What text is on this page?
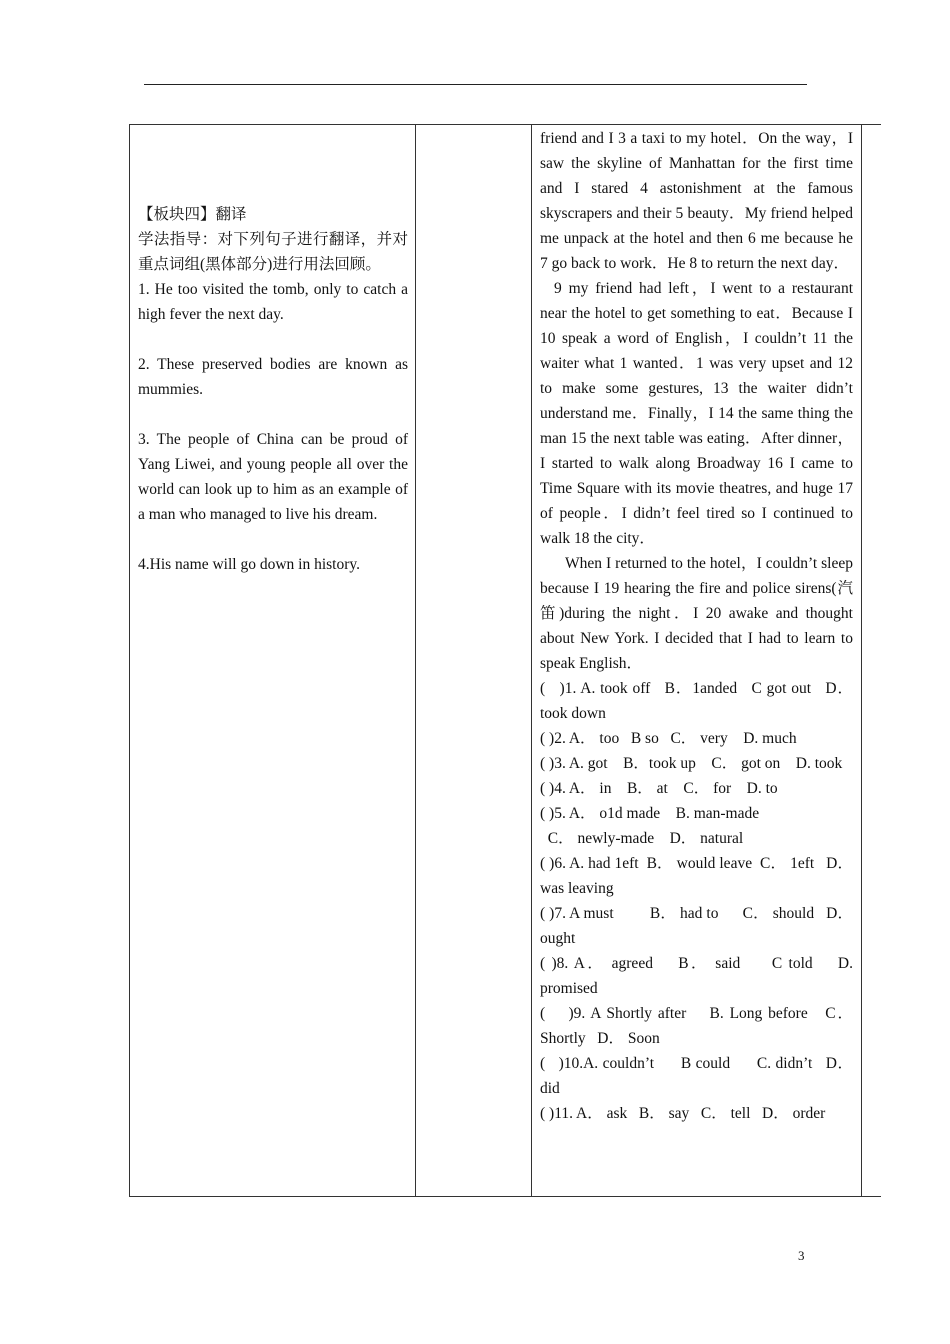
【板块四】翻译

学法指导：对下列句子进行翻译，并对重点词组(黑体部分)进行用法回顾。

1. He too visited the tomb, only to catch a high fever the next day.

2. These preserved bodies are known as mummies.

3. The people of China can be proud of Yang Liwei, and young people all over the world can look up to him as an example of a man who managed to live his dream.

4.His name will go down in history.

friend and I 3 a taxi to my hotel．On the way，I saw the skyline of Manhattan for the first time and I stared 4 astonishment at the famous skyscrapers and their 5 beauty．My friend helped me unpack at the hotel and then 6 me because he 7 go back to work．He 8 to return the next day．

9 my friend had left，I went to a restaurant near the hotel to get something to eat．Because I 10 speak a word of English，I couldn’t 11 the waiter what 1 wanted．1 was very upset and 12 to make some gestures, 13 the waiter didn’t understand me．Finally，I 14 the same thing the man 15 the next table was eating．After dinner，I started to walk along Broadway 16 I came to Time Square with its movie theatres, and huge 17 of people．I didn’t feel tired so I continued to walk 18 the city．

When I returned to the hotel，I couldn’t sleep because I 19 hearing the fire and police sirens(汽笛)during the night．I 20 awake and thought about New York. I decided that I had to learn to speak English．

(   )1. A. took off   B．1anded   C got out   D．took down

( )2. A． too   B so   C． very    D. much

( )3. A. got    B．took up    C． got on    D. took

( )4. A． in    B． at    C． for    D. to

( )5. A． o1d made    B. man-made

C． newly-made    D． natural

( )6. A. had 1eft  B． would leave  C． 1eft   D． was leaving

( )7. A must         B． had to      C． should   D． ought

( )8. A． agreed    B． said     C told    D. promised

(    )9. A Shortly after    B. Long before   C． Shortly   D． Soon

(   )10.A. couldn’t      B could      C. didn’t   D． did

( )11. A． ask   B． say   C． tell   D． order

3
